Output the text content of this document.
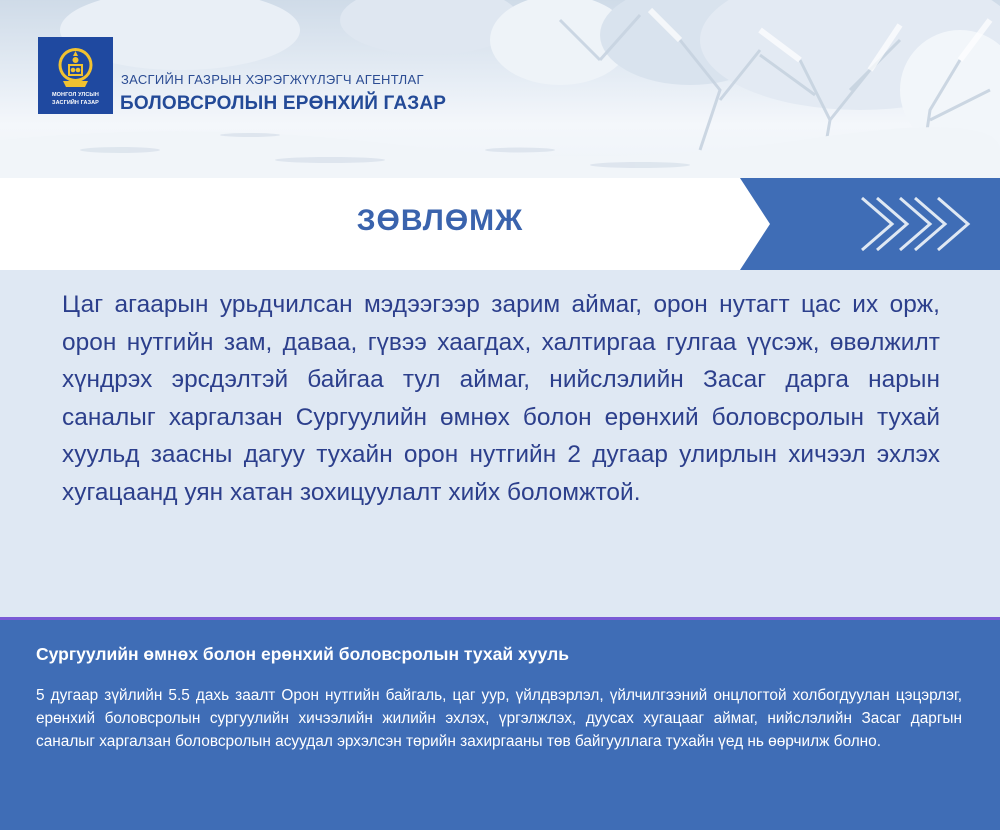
МОНГОЛ УЛСЫН
ЗАСГИЙН ГАЗАР
ЗАСГИЙН ГАЗРЫН ХЭРЭГЖҮҮЛЭГЧ АГЕНТЛАГ
БОЛОВСРОЛЫН ЕРӨНХИЙ ГАЗАР
ЗӨВЛӨМЖ
Цаг агаарын урьдчилсан мэдээгээр зарим аймаг, орон нутагт цас их орж, орон нутгийн зам, даваа, гүвээ хаагдах, халтиргаа гулгаа үүсэж, өвөлжилт хүндрэх эрсдэлтэй байгаа тул аймаг, нийслэлийн Засаг дарга нарын саналыг харгалзан Сургуулийн өмнөх болон ерөнхий боловсролын тухай хуульд заасны дагуу тухайн орон нутгийн 2 дугаар улирлын хичээл эхлэх хугацаанд уян хатан зохицуулалт хийх боломжтой.
Сургуулийн өмнөх болон ерөнхий боловсролын тухай хууль
5 дугаар зүйлийн 5.5 дахь заалт Орон нутгийн байгаль, цаг уур, үйлдвэрлэл, үйлчилгээний онцлогтой холбогдуулан цэцэрлэг, ерөнхий боловсролын сургуулийн хичээлийн жилийн эхлэх, үргэлжлэх, дуусах хугацааг аймаг, нийслэлийн Засаг даргын саналыг харгалзан боловсролын асуудал эрхэлсэн төрийн захиргааны төв байгууллага тухайн үед нь өөрчилж болно.
